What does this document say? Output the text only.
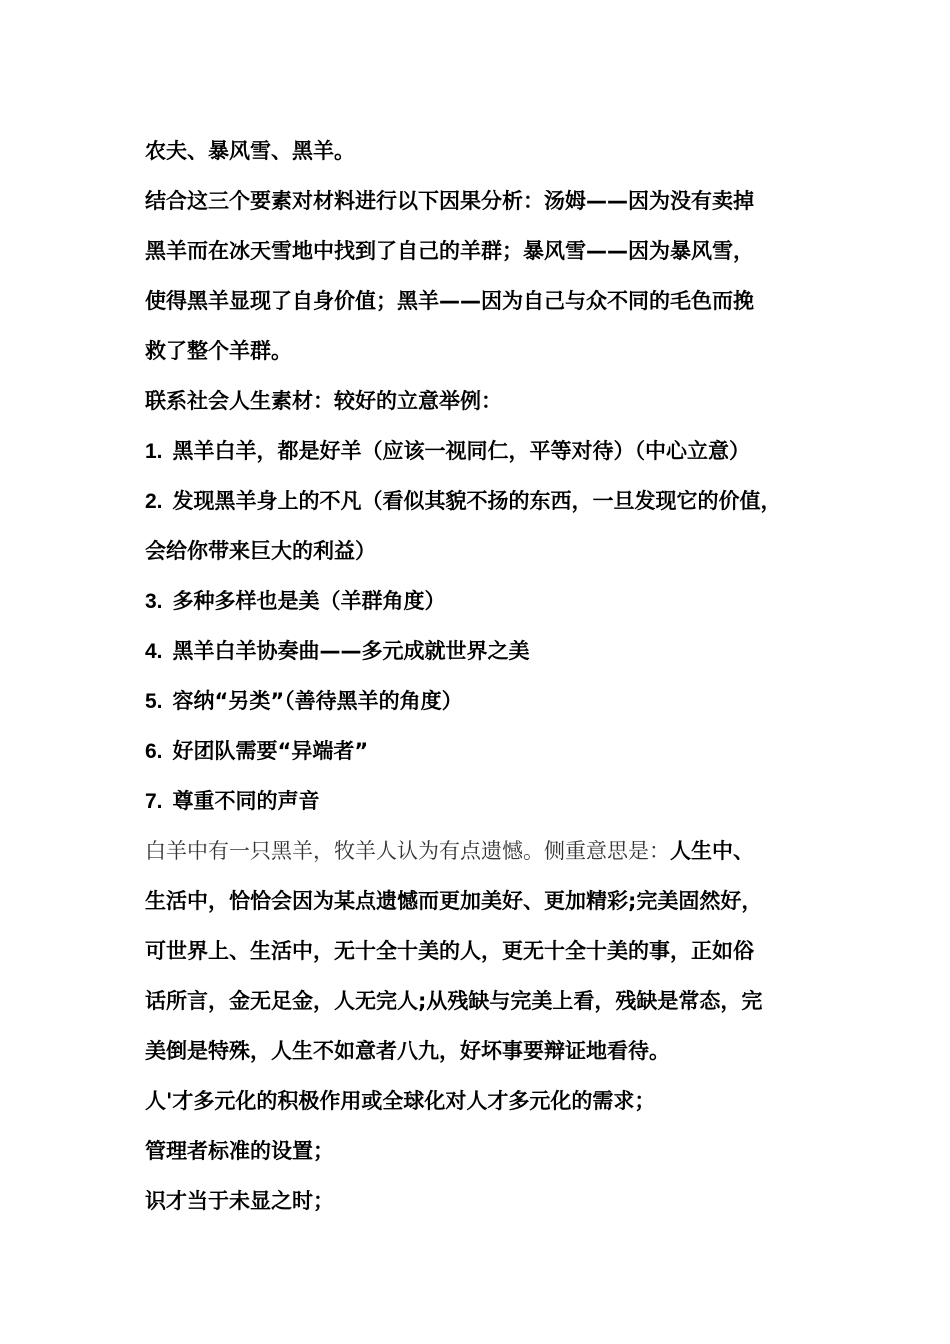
农夫、暴风雪、黑羊。
结合这三个要素对材料进行以下因果分析：汤姆——因为没有卖掉
黑羊而在冰天雪地中找到了自己的羊群；暴风雪——因为暴风雪，
使得黑羊显现了自身价值；黑羊——因为自己与众不同的毛色而挽
救了整个羊群。
联系社会人生素材：较好的立意举例：
1. 黑羊白羊，都是好羊（应该一视同仁，平等对待）（中心立意）
2. 发现黑羊身上的不凡（看似其貌不扬的东西，一旦发现它的价值，
会给你带来巨大的利益）
3. 多种多样也是美（羊群角度）
4. 黑羊白羊协奏曲——多元成就世界之美
5. 容纳“另类”（善待黑羊的角度）
6. 好团队需要“异端者”
7. 尊重不同的声音
白羊中有一只黑羊，牧羊人认为有点遗憾。侧重意思是：人生中、
生活中，恰恰会因为某点遗憾而更加美好、更加精彩;完美固然好，
可世界上、生活中，无十全十美的人，更无十全十美的事，正如俗
话所言，金无足金，人无完人;从残缺与完美上看，残缺是常态，完
美倒是特殊，人生不如意者八九，好坏事要辩证地看待。
人'才多元化的积极作用或全球化对人才多元化的需求；
管理者标准的设置；
识才当于未显之时；
